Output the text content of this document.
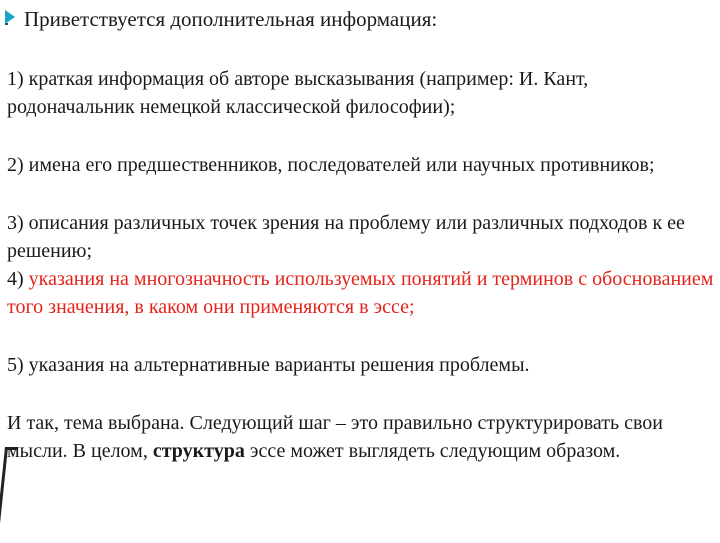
Приветствуется дополнительная информация:

1) краткая информация об авторе высказывания (например: И. Кант, родоначальник немецкой классической философии);

2) имена его предшественников, последователей или научных противников;

3) описания различных точек зрения на проблему или различных подходов к ее решению;

4) указания на многозначность используемых понятий и терминов с обоснованием того значения, в каком они применяются в эссе;

5) указания на альтернативные варианты решения проблемы.

И так, тема выбрана. Следующий шаг – это правильно структурировать свои мысли. В целом, структура эссе может выглядеть следующим образом.
